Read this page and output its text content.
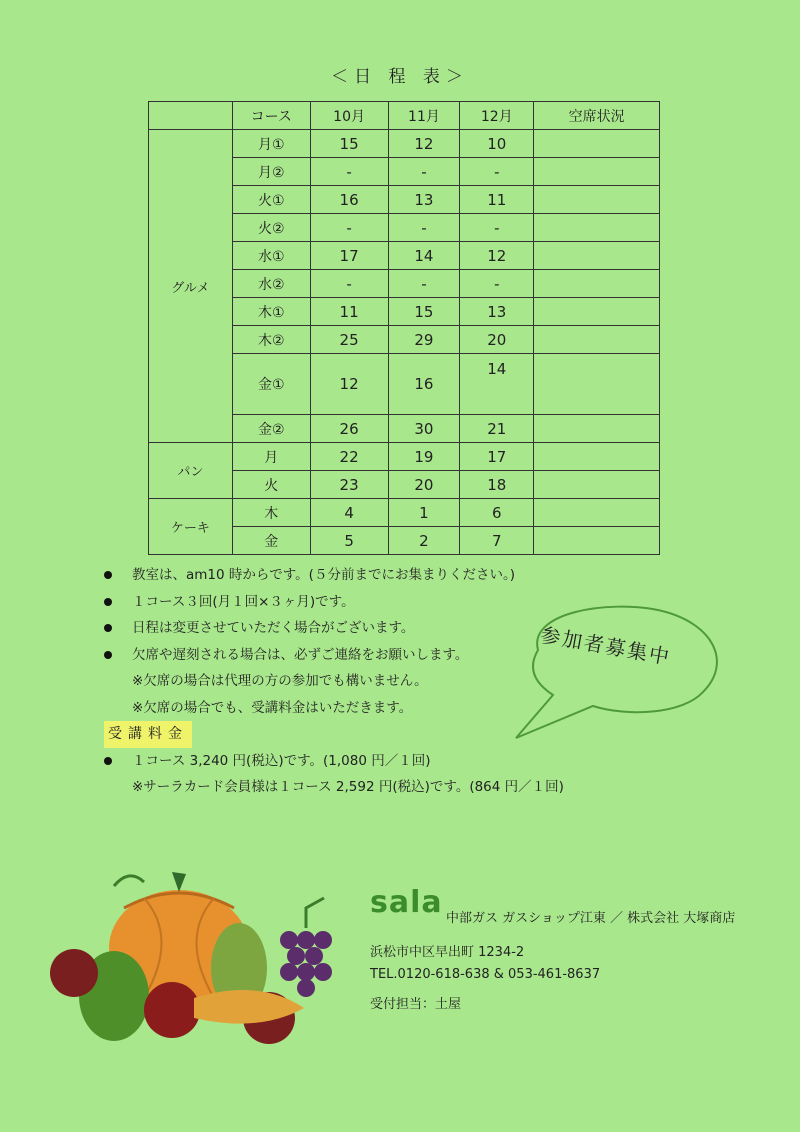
＜日 程 表＞
	コース	10月	11月	12月	空席状況
グルメ	月①	15	12	10	
	月②	-	-	-	
	火①	16	13	11	
	火②	-	-	-	
	水①	17	14	12	
	水②	-	-	-	
	木①	11	15	13	
	木②	25	29	20	
	金①	12	16	14	
	金②	26	30	21	
パン	月	22	19	17	
	火	23	20	18	
ケーキ	木	4	1	6	
	金	5	2	7	
教室は、am10 時からです。(５分前までにお集まりください。)
１コース３回(月１回×３ヶ月)です。
日程は変更させていただく場合がございます。
欠席や遅刻される場合は、必ずご連絡をお願いします。
※欠席の場合は代理の方の参加でも構いません。
※欠席の場合でも、受講料金はいただきます。
受講料金
１コース 3,240 円(税込)です。(1,080 円／１回)
※サーラカード会員様は１コース 2,592 円(税込)です。(864 円／１回)
参加者募集中
sala 中部ガス ガスショップ江東 ／ 株式会社 大塚商店
浜松市中区早出町 1234-2
TEL.0120-618-638 & 053-461-8637
受付担当：土屋
